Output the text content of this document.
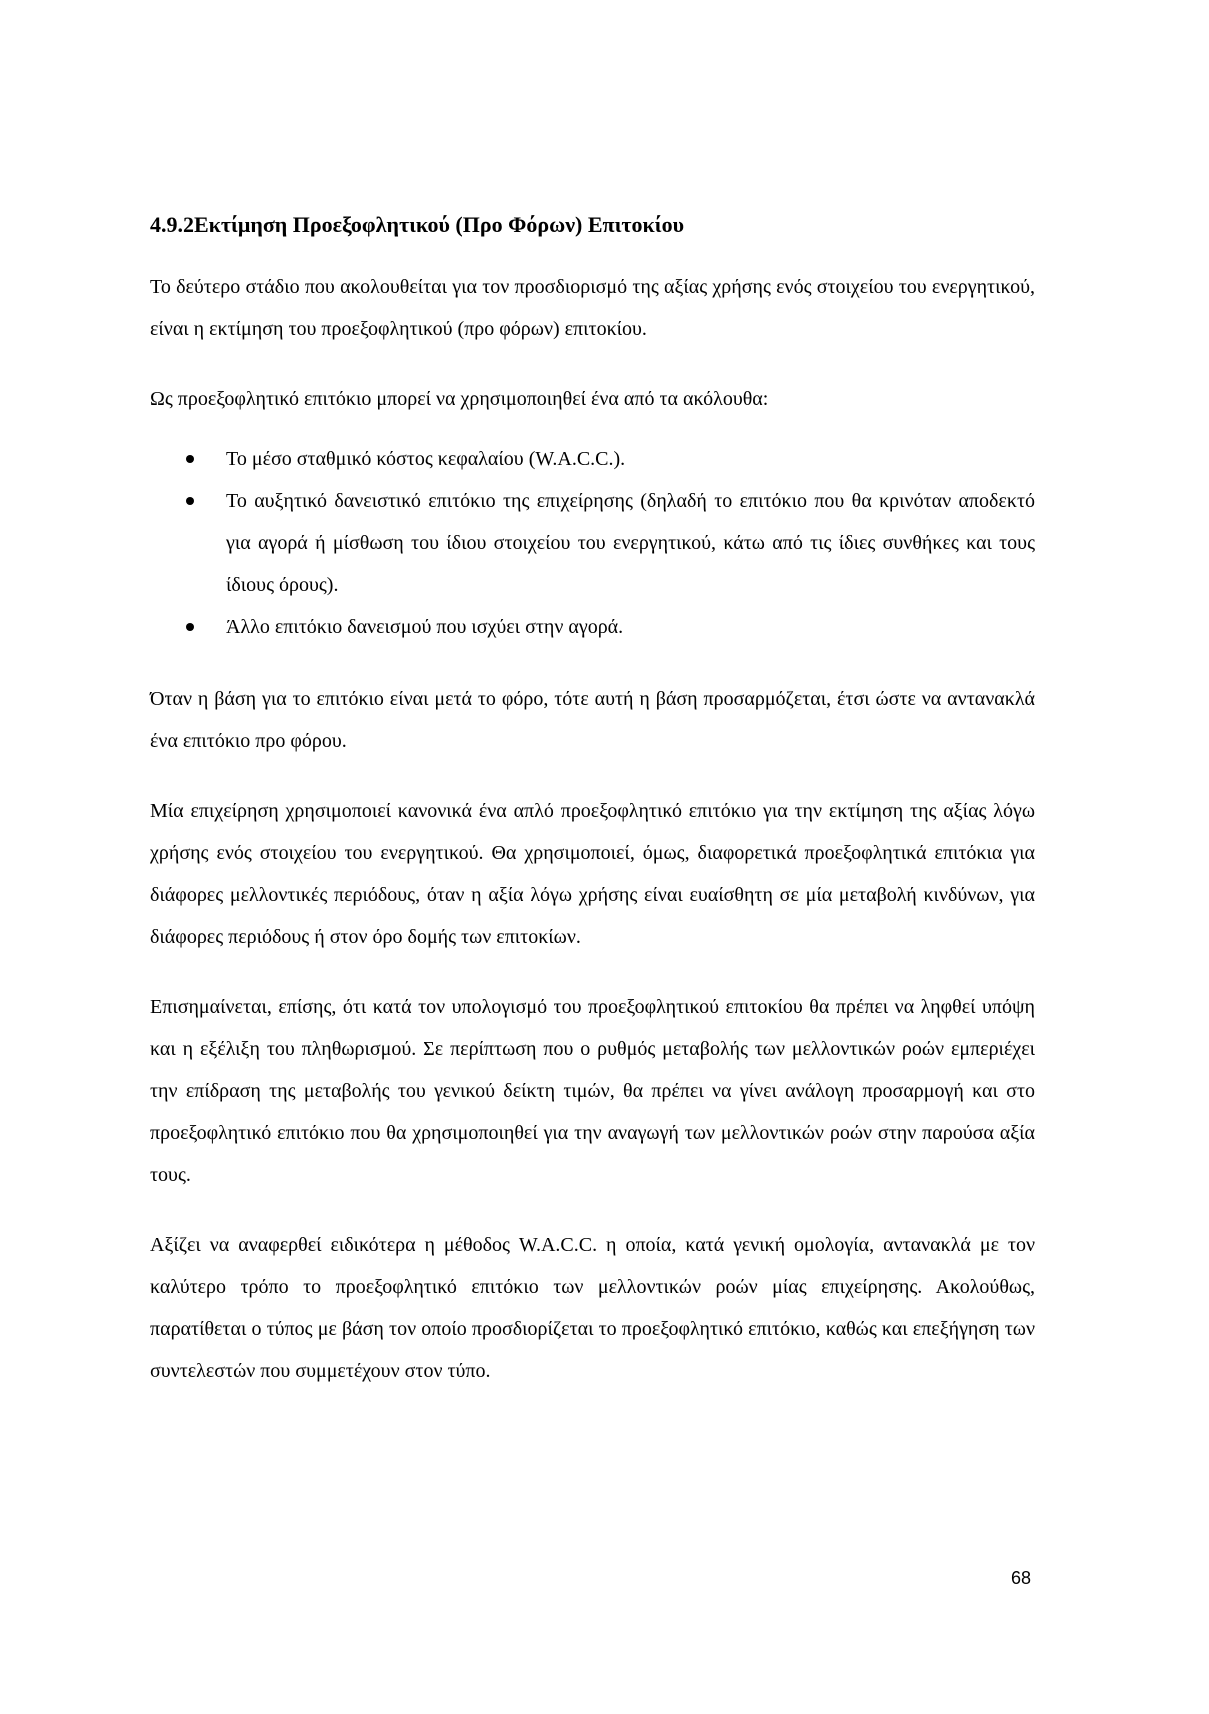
4.9.2Εκτίμηση Προεξοφλητικού (Προ Φόρων) Επιτοκίου

Το δεύτερο στάδιο που ακολουθείται για τον προσδιορισμό της αξίας χρήσης ενός στοιχείου του ενεργητικού, είναι η εκτίμηση του προεξοφλητικού (προ φόρων) επιτοκίου.

Ως προεξοφλητικό επιτόκιο μπορεί να χρησιμοποιηθεί ένα από τα ακόλουθα:

Το μέσο σταθμικό κόστος κεφαλαίου (W.A.C.C.).
Το αυξητικό δανειστικό επιτόκιο της επιχείρησης (δηλαδή το επιτόκιο που θα κρινόταν αποδεκτό για αγορά ή μίσθωση του ίδιου στοιχείου του ενεργητικού, κάτω από τις ίδιες συνθήκες και τους ίδιους όρους).
Άλλο επιτόκιο δανεισμού που ισχύει στην αγορά.

Όταν η βάση για το επιτόκιο είναι μετά το φόρο, τότε αυτή η βάση προσαρμόζεται, έτσι ώστε να αντανακλά ένα επιτόκιο προ φόρου.

Μία επιχείρηση χρησιμοποιεί κανονικά ένα απλό προεξοφλητικό επιτόκιο για την εκτίμηση της αξίας λόγω χρήσης ενός στοιχείου του ενεργητικού. Θα χρησιμοποιεί, όμως, διαφορετικά προεξοφλητικά επιτόκια για διάφορες μελλοντικές περιόδους, όταν η αξία λόγω χρήσης είναι ευαίσθητη σε μία μεταβολή κινδύνων, για διάφορες περιόδους ή στον όρο δομής των επιτοκίων.

Επισημαίνεται, επίσης, ότι κατά τον υπολογισμό του προεξοφλητικού επιτοκίου θα πρέπει να ληφθεί υπόψη και η εξέλιξη του πληθωρισμού. Σε περίπτωση που ο ρυθμός μεταβολής των μελλοντικών ροών εμπεριέχει την επίδραση της μεταβολής του γενικού δείκτη τιμών, θα πρέπει να γίνει ανάλογη προσαρμογή και στο προεξοφλητικό επιτόκιο που θα χρησιμοποιηθεί για την αναγωγή των μελλοντικών ροών στην παρούσα αξία τους.

Αξίζει να αναφερθεί ειδικότερα η μέθοδος W.A.C.C. η οποία, κατά γενική ομολογία, αντανακλά με τον καλύτερο τρόπο το προεξοφλητικό επιτόκιο των μελλοντικών ροών μίας επιχείρησης. Ακολούθως, παρατίθεται ο τύπος με βάση τον οποίο προσδιορίζεται το προεξοφλητικό επιτόκιο, καθώς και επεξήγηση των συντελεστών που συμμετέχουν στον τύπο.

68
